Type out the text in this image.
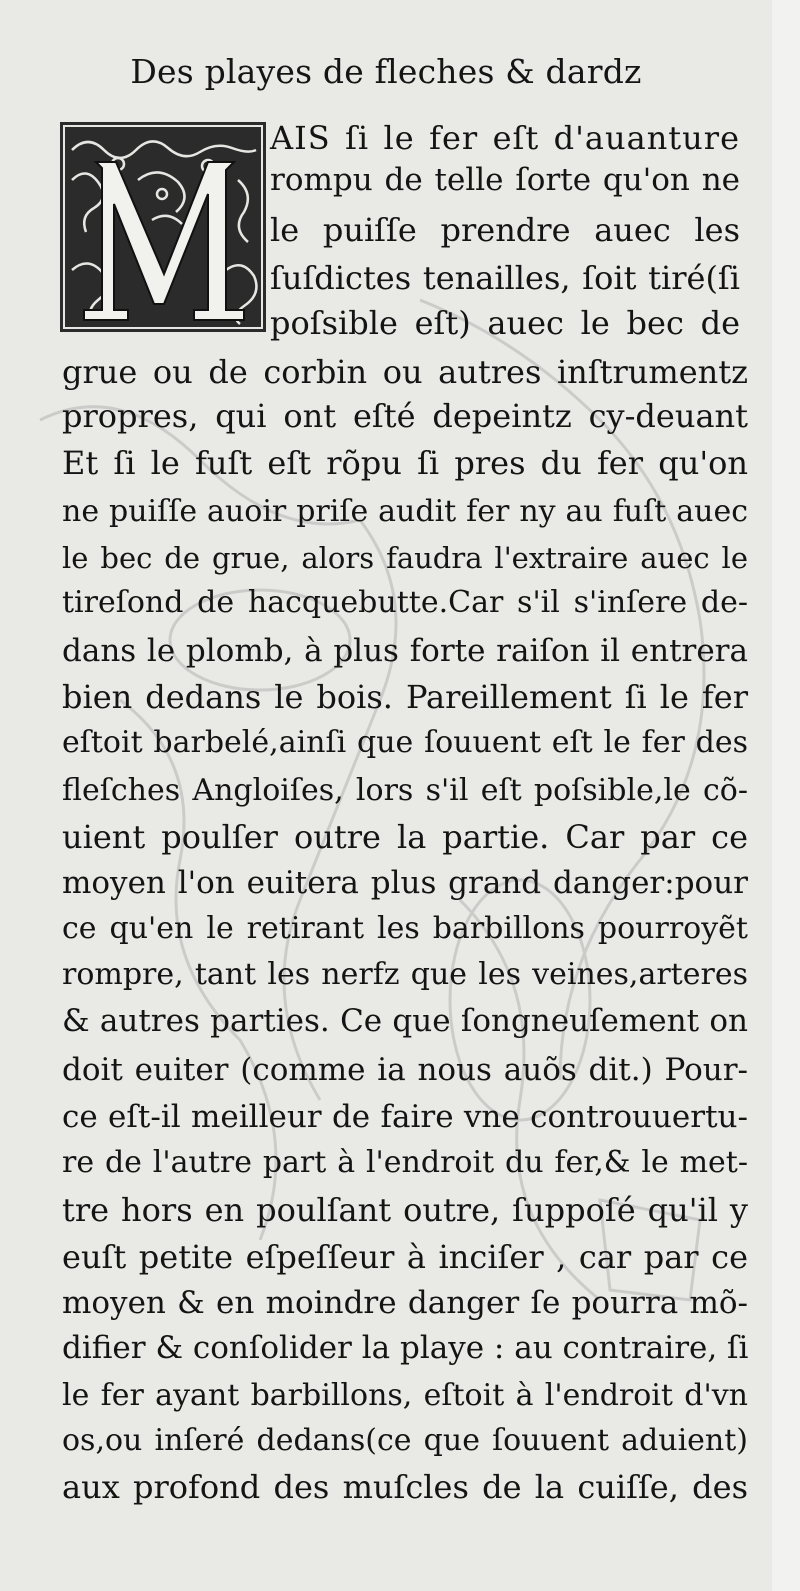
Des playes de fleches & dardz
AIS ſi le fer eſt d'auanture
rompu de telle ſorte qu'on ne
le puiſſe prendre auec les
ſuſdictes tenailles, ſoit tiré(ſi
poſsible eſt) auec le bec de
grue ou de corbin ou autres inſtrumentz
propres, qui ont eſté depeintz cy-deuant
Et ſi le fuſt eſt rõpu ſi pres du fer qu'on
ne puiſſe auoir priſe audit fer ny au fuſt auec
le bec de grue, alors faudra l'extraire auec le
tireſond de hacquebutte.Car s'il s'inſere de-
dans le plomb, à plus forte raiſon il entrera
bien dedans le bois. Pareillement ſi le fer
eſtoit barbelé,ainſi que ſouuent eſt le fer des
fleſches Angloiſes, lors s'il eſt poſsible,le cõ-
uient poulſer outre la partie. Car par ce
moyen l'on euitera plus grand danger:pour
ce qu'en le retirant les barbillons pourroyẽt
rompre, tant les nerfz que les veines,arteres
& autres parties. Ce que ſongneuſement on
doit euiter (comme ia nous auõs dit.) Pour-
ce eſt-il meilleur de faire vne controuuertu-
re de l'autre part à l'endroit du fer,& le met-
tre hors en poulſant outre, ſuppoſé qu'il y
euſt petite eſpeſſeur à inciſer , car par ce
moyen & en moindre danger ſe pourra mõ-
difier & conſolider la playe : au contraire, ſi
le fer ayant barbillons, eſtoit à l'endroit d'vn
os,ou inſeré dedans(ce que ſouuent aduient)
aux profond des muſcles de la cuiſſe, des
